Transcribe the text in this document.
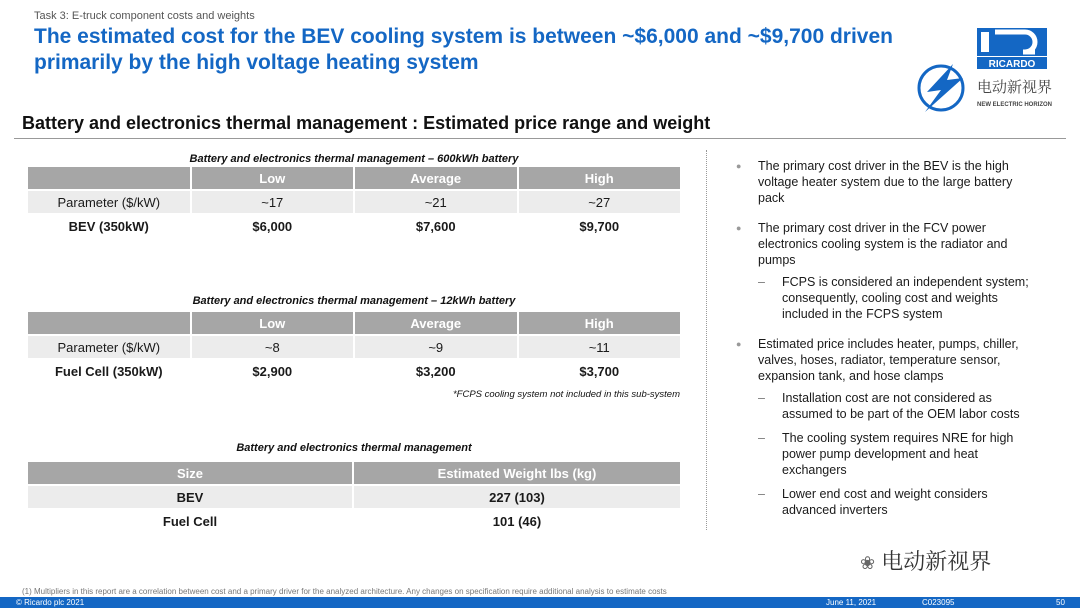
Task 3: E-truck component costs and weights
The estimated cost for the BEV cooling system is between ~$6,000 and ~$9,700 driven primarily by the high voltage heating system	RICARDO
电动新视界
NEW ELECTRIC HORIZON
Battery and electronics thermal management : Estimated price range and weight
Battery and electronics thermal management – 600kWh battery
	Low	Average	High
Parameter ($/kW)	~17	~21	~27
BEV (350kW)	$6,000	$7,600	$9,700
Battery and electronics thermal management – 12kWh battery
	Low	Average	High
Parameter ($/kW)	~8	~9	~11
Fuel Cell (350kW)	$2,900	$3,200	$3,700
*FCPS cooling system not included in this sub-system
Battery and electronics thermal management
Size	Estimated Weight lbs (kg)
BEV	227 (103)
Fuel Cell	101 (46)
● The primary cost driver in the BEV is the high voltage heater system due to the large battery pack
● The primary cost driver in the FCV power electronics cooling system is the radiator and pumps
– FCPS is considered an independent system; consequently, cooling cost and weights included in the FCPS system
● Estimated price includes heater, pumps, chiller, valves, hoses, radiator, temperature sensor, expansion tank, and hose clamps
– Installation cost are not considered as assumed to be part of the OEM labor costs
– The cooling system requires NRE for high power pump development and heat exchangers
– Lower end cost and weight considers advanced inverters
❀ 电动新视界
(1) Multipliers in this report are a correlation between cost and a primary driver for the analyzed architecture. Any changes on specification require additional analysis to estimate costs
© Ricardo plc 2021	June 11, 2021	C023095	50
